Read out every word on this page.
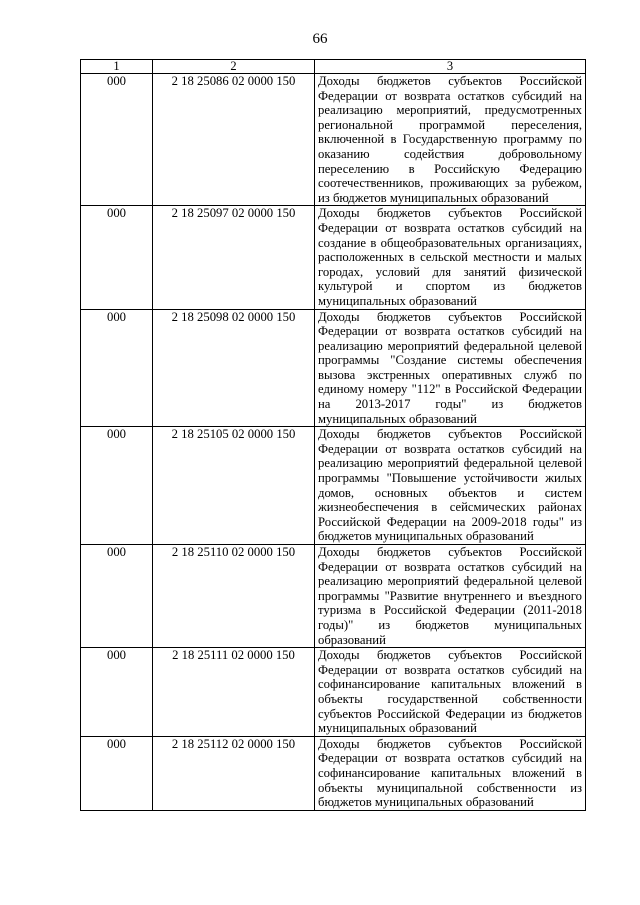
66
1	2	3
000	2 18 25086 02 0000 150	Доходы бюджетов субъектов Российской Федерации от возврата остатков субсидий на реализацию мероприятий, предусмотренных региональной программой переселения, включенной в Государственную программу по оказанию содействия добровольному переселению в Российскую Федерацию соотечественников, проживающих за рубежом, из бюджетов муниципальных образований
000	2 18 25097 02 0000 150	Доходы бюджетов субъектов Российской Федерации от возврата остатков субсидий на создание в общеобразовательных организациях, расположенных в сельской местности и малых городах, условий для занятий физической культурой и спортом из бюджетов муниципальных образований
000	2 18 25098 02 0000 150	Доходы бюджетов субъектов Российской Федерации от возврата остатков субсидий на реализацию мероприятий федеральной целевой программы "Создание системы обеспечения вызова экстренных оперативных служб по единому номеру "112" в Российской Федерации на 2013-2017 годы" из бюджетов муниципальных образований
000	2 18 25105 02 0000 150	Доходы бюджетов субъектов Российской Федерации от возврата остатков субсидий на реализацию мероприятий федеральной целевой программы "Повышение устойчивости жилых домов, основных объектов и систем жизнеобеспечения в сейсмических районах Российской Федерации на 2009-2018 годы" из бюджетов муниципальных образований
000	2 18 25110 02 0000 150	Доходы бюджетов субъектов Российской Федерации от возврата остатков субсидий на реализацию мероприятий федеральной целевой программы "Развитие внутреннего и въездного туризма в Российской Федерации (2011-2018 годы)" из бюджетов муниципальных образований
000	2 18 25111 02 0000 150	Доходы бюджетов субъектов Российской Федерации от возврата остатков субсидий на софинансирование капитальных вложений в объекты государственной собственности субъектов Российской Федерации из бюджетов муниципальных образований
000	2 18 25112 02 0000 150	Доходы бюджетов субъектов Российской Федерации от возврата остатков субсидий на софинансирование капитальных вложений в объекты муниципальной собственности из бюджетов муниципальных образований
